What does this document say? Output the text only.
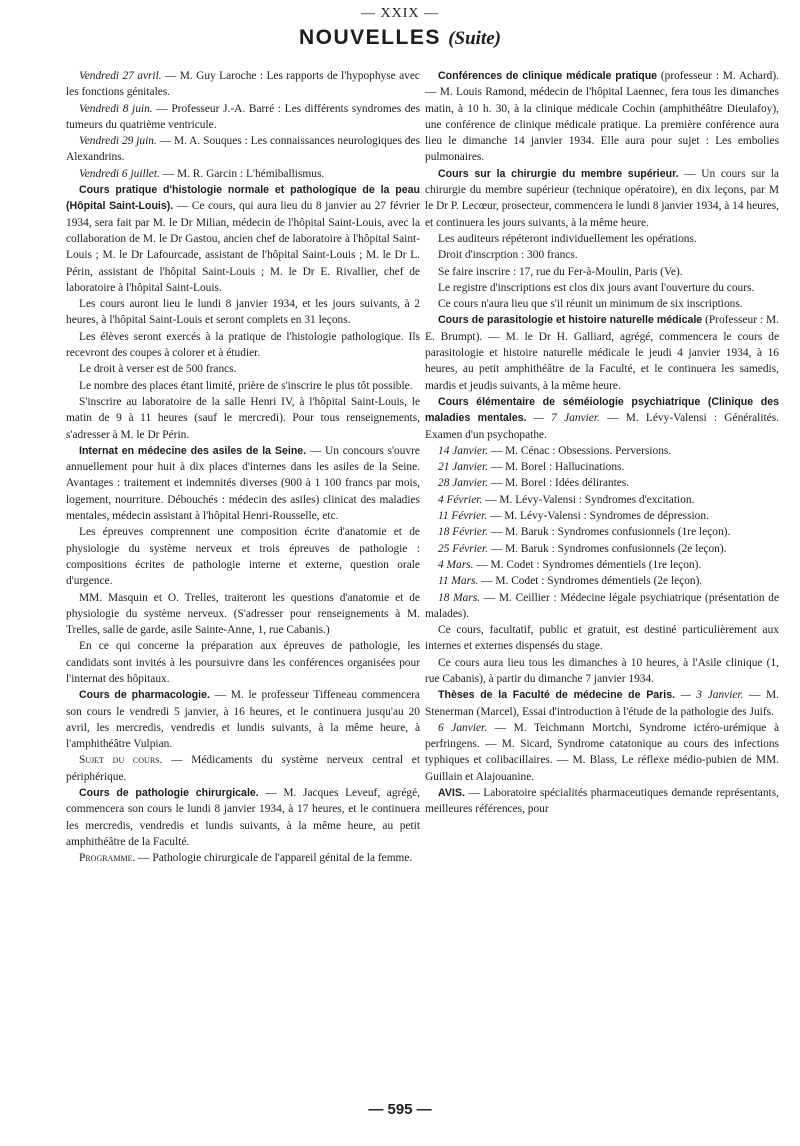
— XXIX —
NOUVELLES (Suite)

Vendredi 27 avril. — M. Guy Laroche : Les rapports de l'hypophyse avec les fonctions génitales.

Vendredi 8 juin. — Professeur J.-A. Barré : Les différents syndromes des tumeurs du quatrième ventricule.

Vendredi 29 juin. — M. A. Souques : Les connaissances neurologiques des Alexandrins.

Vendredi 6 juillet. — M. R. Garcin : L'hémiballismus.

Cours pratique d'histologie normale et pathologique de la peau (Hôpital Saint-Louis). — Ce cours, qui aura lieu du 8 janvier au 27 février 1934, sera fait par M. le Dr Milian, médecin de l'hôpital Saint-Louis, avec la collaboration de M. le Dr Gastou, ancien chef de laboratoire à l'hôpital Saint-Louis ; M. le Dr Lafourcade, assistant de l'hôpital Saint-Louis ; M. le Dr L. Périn, assistant de l'hôpital Saint-Louis ; M. le Dr E. Rivallier, chef de laboratoire à l'hôpital Saint-Louis.

Les cours auront lieu le lundi 8 janvier 1934, et les jours suivants, à 2 heures, à l'hôpital Saint-Louis et seront complets en 31 leçons.

Les élèves seront exercés à la pratique de l'histologie pathologique. Ils recevront des coupes à colorer et à étudier.

Le droit à verser est de 500 francs.

Le nombre des places étant limité, prière de s'inscrire le plus tôt possible.

S'inscrire au laboratoire de la salle Henri IV, à l'hôpital Saint-Louis, le matin de 9 à 11 heures (sauf le mercredi). Pour tous renseignements, s'adresser à M. le Dr Périn.

Internat en médecine des asiles de la Seine. — Un concours s'ouvre annuellement pour huit à dix places d'internes dans les asiles de la Seine. Avantages : traitement et indemnités diverses (900 à 1 100 francs par mois, logement, nourriture. Débouchés : médecin des asiles) clinicat des maladies mentales, médecin assistant à l'hôpital Henri-Rousselle, etc.

Les épreuves comprennent une composition écrite d'anatomie et de physiologie du système nerveux et trois épreuves de pathologie : compositions écrites de pathologie interne et externe, question orale d'urgence.

MM. Masquin et O. Trelles, traiteront les questions d'anatomie et de physiologie du système nerveux. (S'adresser pour renseignements à M. Trelles, salle de garde, asile Sainte-Anne, 1, rue Cabanis.)

En ce qui concerne la préparation aux épreuves de pathologie, les candidats sont invités à les poursuivre dans les conférences organisées pour l'internat des hôpitaux.

Cours de pharmacologie. — M. le professeur Tiffeneau commencera son cours le vendredi 5 janvier, à 16 heures, et le continuera jusqu'au 20 avril, les mercredis, vendredis et lundis suivants, à la même heure, à l'amphithéâtre Vulpian.

Sujet du cours. — Médicaments du système nerveux central et périphérique.

Cours de pathologie chirurgicale. — M. Jacques Leveuf, agrégé, commencera son cours le lundi 8 janvier 1934, à 17 heures, et le continuera les mercredis, vendredis et lundis suivants, à la même heure, au petit amphithéâtre de la Faculté.

Programme. — Pathologie chirurgicale de l'appareil génital de la femme.

Conférences de clinique médicale pratique (professeur : M. Achard). — M. Louis Ramond, médecin de l'hôpital Laennec, fera tous les dimanches matin, à 10 h. 30, à la clinique médicale Cochin (amphithéâtre Dieulafoy), une conférence de clinique médicale pratique. La première conférence aura lieu le dimanche 14 janvier 1934. Elle aura pour sujet : Les embolies pulmonaires.

Cours sur la chirurgie du membre supérieur. — Un cours sur la chirurgie du membre supérieur (technique opératoire), en dix leçons, par M le Dr P. Lecœur, prosecteur, commencera le lundi 8 janvier 1934, à 14 heures, et continuera les jours suivants, à la même heure.

Les auditeurs répéteront individuellement les opérations.

Droit d'inscrption : 300 francs.

Se faire inscrire : 17, rue du Fer-à-Moulin, Paris (Ve).

Le registre d'inscriptions est clos dix jours avant l'ouverture du cours.

Ce cours n'aura lieu que s'il réunit un minimum de six inscriptions.

Cours de parasitologie et histoire naturelle médicale (Professeur : M. E. Brumpt). — M. le Dr H. Galliard, agrégé, commencera le cours de parasitologie et histoire naturelle médicale le jeudi 4 janvier 1934, à 16 heures, au petit amphithéâtre de la Faculté, et le continuera les samedis, mardis et jeudis suivants, à la même heure.

Cours élémentaire de séméiologie psychiatrique (Clinique des maladies mentales. — 7 Janvier. — M. Lévy-Valensi : Généralités. Examen d'un psychopathe.

14 Janvier. — M. Cénac : Obsessions. Perversions.

21 Janvier. — M. Borel : Hallucinations.

28 Janvier. — M. Borel : Idées délirantes.

4 Février. — M. Lévy-Valensi : Syndromes d'excitation.

11 Février. — M. Lévy-Valensi : Syndromes de dépression.

18 Février. — M. Baruk : Syndromes confusionnels (1re leçon).

25 Février. — M. Baruk : Syndromes confusionnels (2e leçon).

4 Mars. — M. Codet : Syndromes démentiels (1re leçon).

11 Mars. — M. Codet : Syndromes démentiels (2e leçon).

18 Mars. — M. Ceillier : Médecine légale psychiatrique (présentation de malades).

Ce cours, facultatif, public et gratuit, est destiné particulièrement aux internes et externes dispensés du stage.

Ce cours aura lieu tous les dimanches à 10 heures, à l'Asile clinique (1, rue Cabanis), à partir du dimanche 7 janvier 1934.

Thèses de la Faculté de médecine de Paris. — 3 Janvier. — M. Stenerman (Marcel), Essai d'introduction à l'étude de la pathologie des Juifs.

6 Janvier. — M. Teichmann Mortchi, Syndrome ictéro-urémique à perfringens. — M. Sicard, Syndrome catatonique au cours des infections typhiques et colibacillaires. — M. Blass, Le réflexe médio-pubien de MM. Guillain et Alajouanine.

AVIS. — Laboratoire spécialités pharmaceutiques demande représentants, meilleures références, pour

— 595 —
